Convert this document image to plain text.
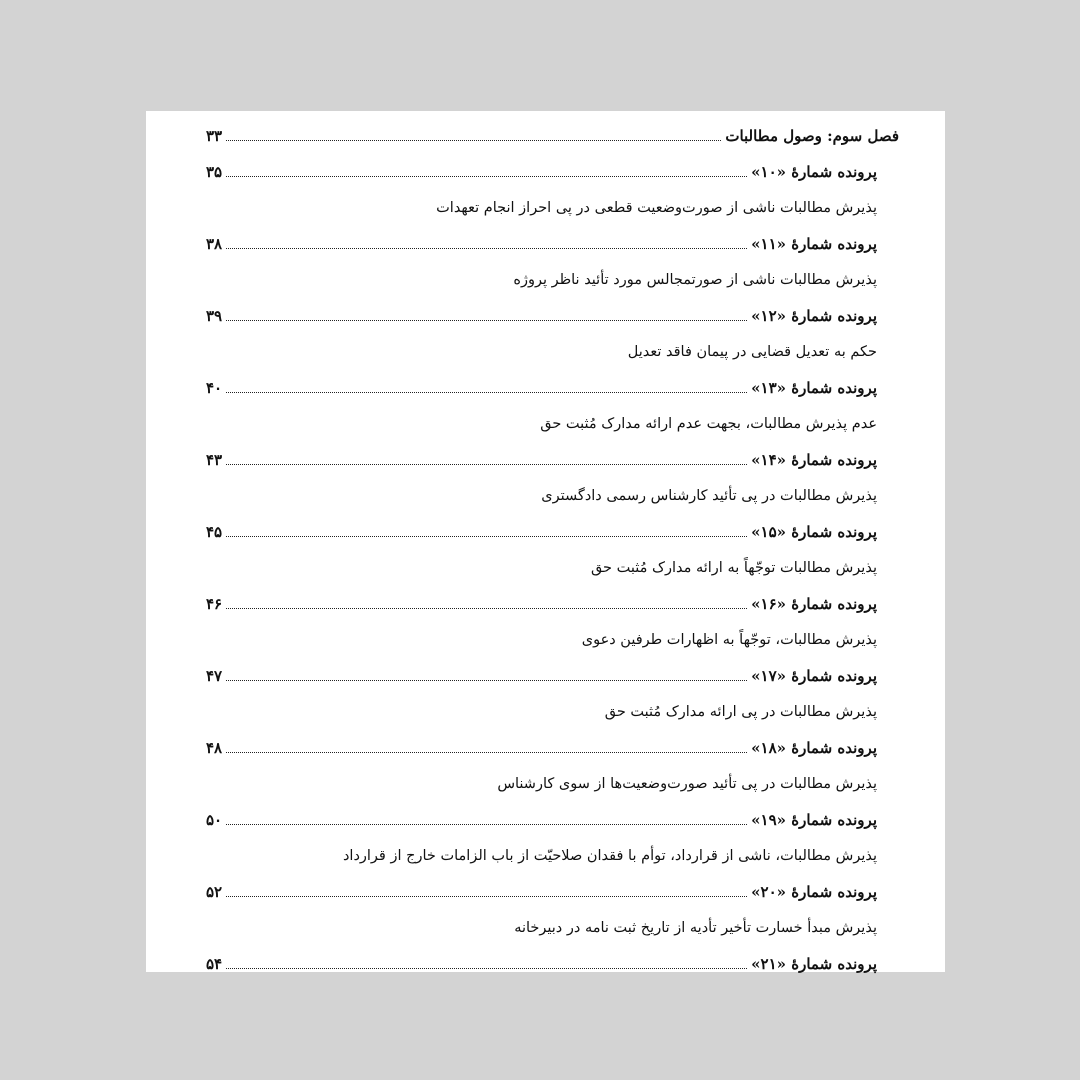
فصل سوم: وصول مطالبات
۳۳
پرونده شمارهٔ «۱۰»
۳۵
پذیرش مطالبات ناشی از صورت‌وضعیت قطعی در پی احراز انجام تعهدات
پرونده شمارهٔ «۱۱»
۳۸
پذیرش مطالبات ناشی از صورتمجالس مورد تأئید ناظر پروژه
پرونده شمارهٔ «۱۲»
۳۹
حکم به تعدیل قضایی در پیمان فاقد تعدیل
پرونده شمارهٔ «۱۳»
۴۰
عدم پذیرش مطالبات، بجهت عدم ارائه مدارک مُثبت حق
پرونده شمارهٔ «۱۴»
۴۳
پذیرش مطالبات در پی تأئید کارشناس رسمی دادگستری
پرونده شمارهٔ «۱۵»
۴۵
پذیرش مطالبات توجّهاً به ارائه مدارک مُثبت حق
پرونده شمارهٔ «۱۶»
۴۶
پذیرش مطالبات، توجّهاً به اظهارات طرفین دعوی
پرونده شمارهٔ «۱۷»
۴۷
پذیرش مطالبات در پی ارائه مدارک مُثبت حق
پرونده شمارهٔ «۱۸»
۴۸
پذیرش مطالبات در پی تأئید صورت‌وضعیت‌ها از سوی کارشناس
پرونده شمارهٔ «۱۹»
۵۰
پذیرش مطالبات، ناشی از قرارداد، توأم با فقدان صلاحیّت از باب الزامات خارج از قرارداد
پرونده شمارهٔ «۲۰»
۵۲
پذیرش مبدأ خسارت تأخیر تأدیه از تاریخ ثبت نامه در دبیرخانه
پرونده شمارهٔ «۲۱»
۵۴
